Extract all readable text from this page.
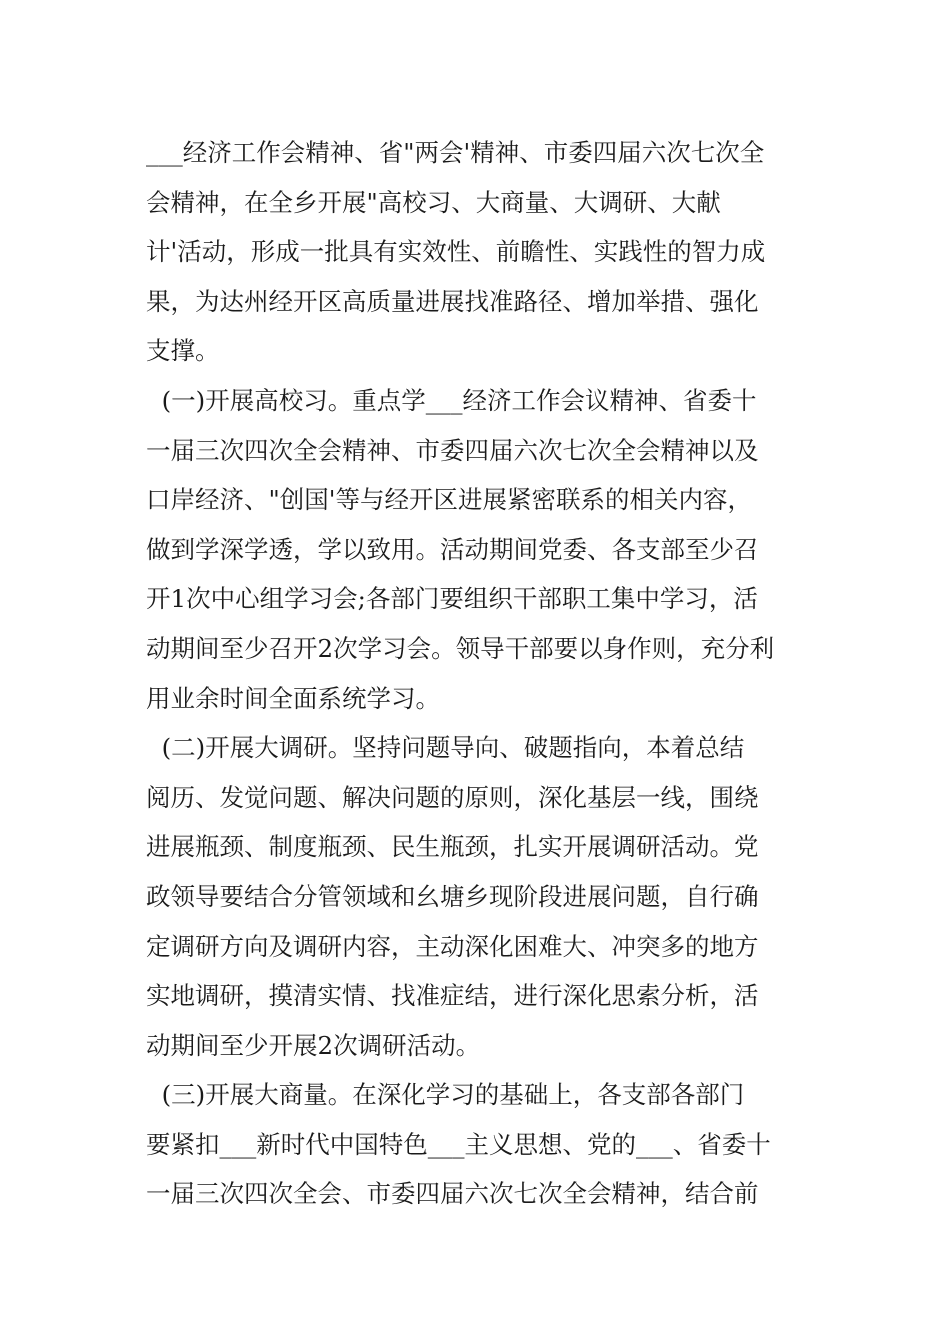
___经济工作会精神、省"两会'精神、市委四届六次七次全
会精神，在全乡开展"高校习、大商量、大调研、大献
计'活动，形成一批具有实效性、前瞻性、实践性的智力成
果，为达州经开区高质量进展找准路径、增加举措、强化
支撑。
(一)开展高校习。重点学___经济工作会议精神、省委十
一届三次四次全会精神、市委四届六次七次全会精神以及
口岸经济、"创国'等与经开区进展紧密联系的相关内容，
做到学深学透，学以致用。活动期间党委、各支部至少召
开1次中心组学习会;各部门要组织干部职工集中学习，活
动期间至少召开2次学习会。领导干部要以身作则，充分利
用业余时间全面系统学习。
(二)开展大调研。坚持问题导向、破题指向，本着总结
阅历、发觉问题、解决问题的原则，深化基层一线，围绕
进展瓶颈、制度瓶颈、民生瓶颈，扎实开展调研活动。党
政领导要结合分管领域和幺塘乡现阶段进展问题，自行确
定调研方向及调研内容，主动深化困难大、冲突多的地方
实地调研，摸清实情、找准症结，进行深化思索分析，活
动期间至少开展2次调研活动。
(三)开展大商量。在深化学习的基础上，各支部各部门
要紧扣___新时代中国特色___主义思想、党的___、省委十
一届三次四次全会、市委四届六次七次全会精神，结合前
